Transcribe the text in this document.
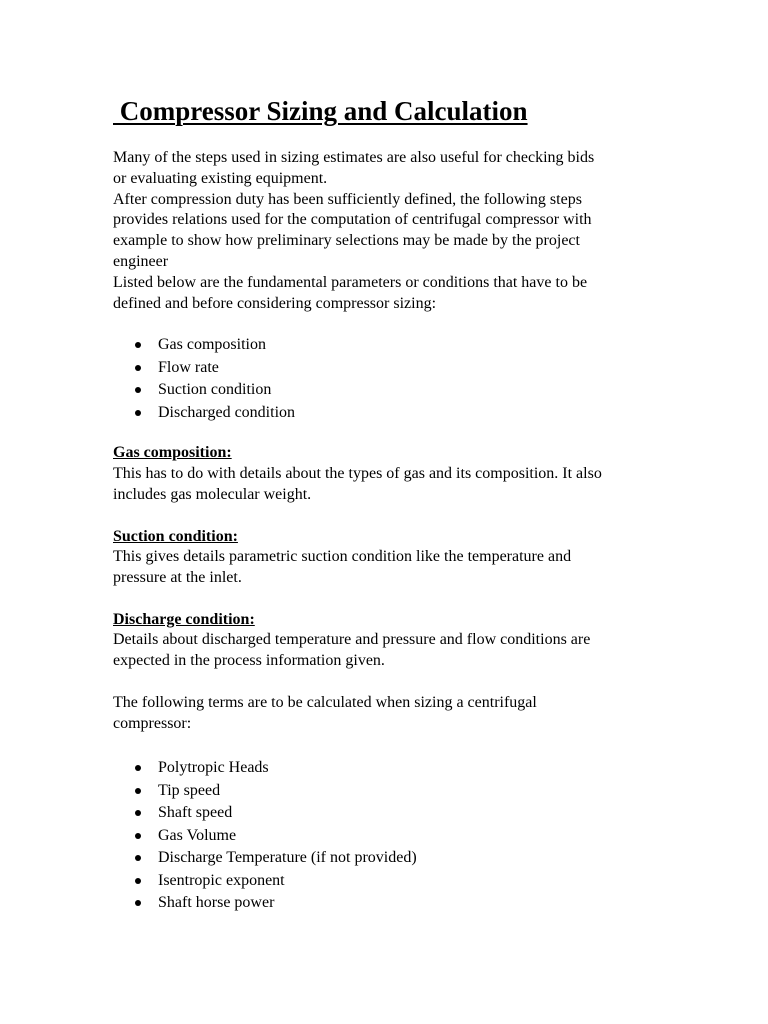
Compressor Sizing and Calculation
Many of the steps used in sizing estimates are also useful for checking bids
or evaluating existing equipment.
After compression duty has been sufficiently defined, the following steps
provides relations used for the computation of centrifugal compressor with
example to show how preliminary selections may be made by the project
engineer
Listed below are the fundamental parameters or conditions that have to be
defined and before considering compressor sizing:
Gas composition
Flow rate
Suction condition
Discharged condition
Gas composition:
This has to do with details about the types of gas and its composition. It also
includes gas molecular weight.
Suction condition:
This gives details parametric suction condition like the temperature and
pressure at the inlet.
Discharge condition:
Details about discharged temperature and pressure and flow conditions are
expected in the process information given.
The following terms are to be calculated when sizing a centrifugal
compressor:
Polytropic Heads
Tip speed
Shaft speed
Gas Volume
Discharge Temperature (if not provided)
Isentropic exponent
Shaft horse power
